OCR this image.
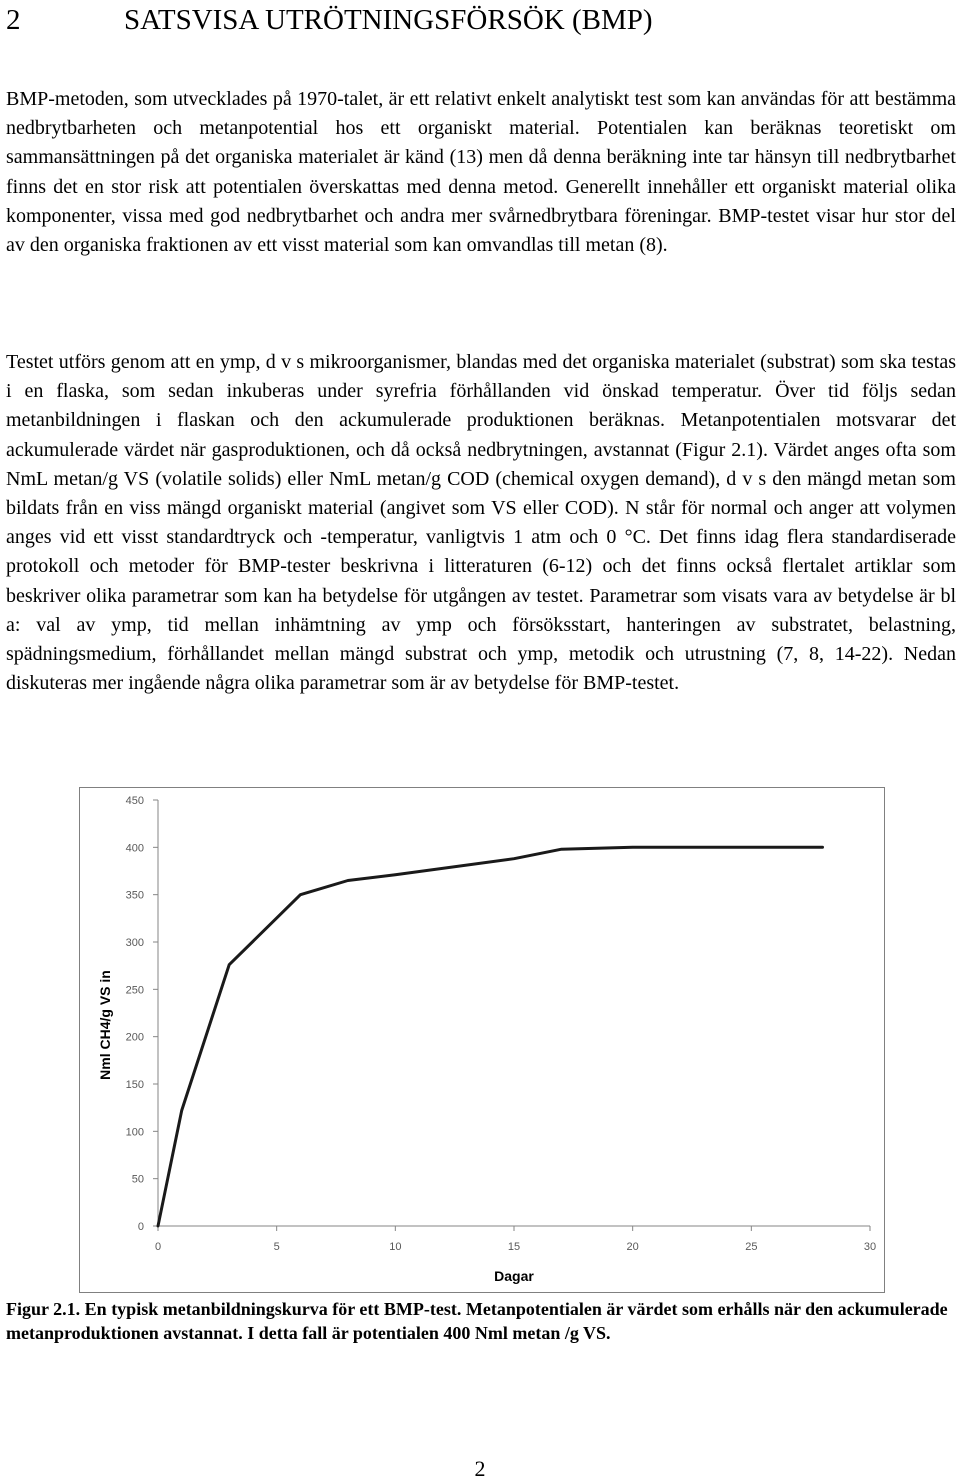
2	SATSVISA UTRÖTNINGSFÖRSÖK (BMP)

BMP-metoden, som utvecklades på 1970-talet, är ett relativt enkelt analytiskt test som kan användas för att bestämma nedbrytbarheten och metanpotential hos ett organiskt material. Potentialen kan beräknas teoretiskt om sammansättningen på det organiska materialet är känd (13) men då denna beräkning inte tar hänsyn till nedbrytbarhet finns det en stor risk att potentialen överskattas med denna metod. Generellt innehåller ett organiskt material olika komponenter, vissa med god nedbrytbarhet och andra mer svårnedbrytbara föreningar. BMP-testet visar hur stor del av den organiska fraktionen av ett visst material som kan omvandlas till metan (8).

Testet utförs genom att en ymp, d v s mikroorganismer, blandas med det organiska materialet (substrat) som ska testas i en flaska, som sedan inkuberas under syrefria förhållanden vid önskad temperatur. Över tid följs sedan metanbildningen i flaskan och den ackumulerade produktionen beräknas. Metanpotentialen motsvarar det ackumulerade värdet när gasproduktionen, och då också nedbrytningen, avstannat (Figur 2.1). Värdet anges ofta som NmL metan/g VS (volatile solids) eller NmL metan/g COD (chemical oxygen demand), d v s den mängd metan som bildats från en viss mängd organiskt material (angivet som VS eller COD). N står för normal och anger att volymen anges vid ett visst standardtryck och -temperatur, vanligtvis 1 atm och 0 °C. Det finns idag flera standardiserade protokoll och metoder för BMP-tester beskrivna i litteraturen (6-12) och det finns också flertalet artiklar som beskriver olika parametrar som kan ha betydelse för utgången av testet. Parametrar som visats vara av betydelse är bl a: val av ymp, tid mellan inhämtning av ymp och försöksstart, hanteringen av substratet, belastning, spädningsmedium, förhållandet mellan mängd substrat och ymp, metodik och utrustning (7, 8, 14-22). Nedan diskuteras mer ingående några olika parametrar som är av betydelse för BMP-testet.

0
50
100
150
200
250
300
350
400
450
0	5	10	15	20	25	30
Dagar
Nml CH4/g VS in
Figur 2.1. En typisk metanbildningskurva för ett BMP-test. Metanpotentialen är värdet som erhålls när den ackumulerade metanproduktionen avstannat. I detta fall är potentialen 400 Nml metan /g VS.
2
